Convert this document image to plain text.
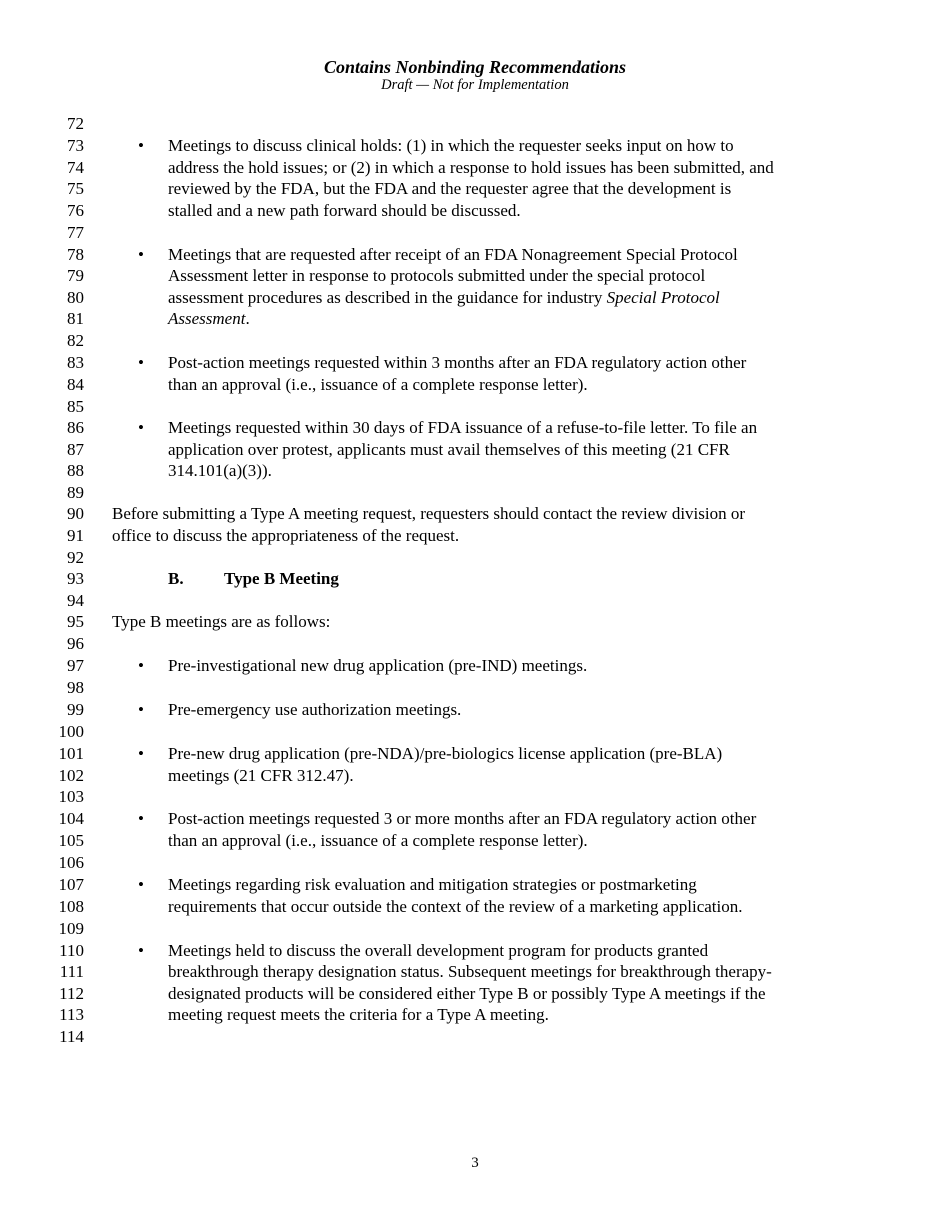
Contains Nonbinding Recommendations
Draft — Not for Implementation
72
73
74
75
76
77
78
79
80
81
82
83
84
85
86
87
88
89
90
91
92
93
94
95
96
97
98
99
100
101
102
103
104
105
106
107
108
109
110
111
112
113
114
• Meetings to discuss clinical holds: (1) in which the requester seeks input on how to
address the hold issues; or (2) in which a response to hold issues has been submitted, and
reviewed by the FDA, but the FDA and the requester agree that the development is
stalled and a new path forward should be discussed.
• Meetings that are requested after receipt of an FDA Nonagreement Special Protocol
Assessment letter in response to protocols submitted under the special protocol
assessment procedures as described in the guidance for industry Special Protocol
Assessment.
• Post-action meetings requested within 3 months after an FDA regulatory action other
than an approval (i.e., issuance of a complete response letter).
• Meetings requested within 30 days of FDA issuance of a refuse-to-file letter. To file an
application over protest, applicants must avail themselves of this meeting (21 CFR
314.101(a)(3)).
Before submitting a Type A meeting request, requesters should contact the review division or
office to discuss the appropriateness of the request.
B. Type B Meeting
Type B meetings are as follows:
• Pre-investigational new drug application (pre-IND) meetings.
• Pre-emergency use authorization meetings.
• Pre-new drug application (pre-NDA)/pre-biologics license application (pre-BLA)
meetings (21 CFR 312.47).
• Post-action meetings requested 3 or more months after an FDA regulatory action other
than an approval (i.e., issuance of a complete response letter).
• Meetings regarding risk evaluation and mitigation strategies or postmarketing
requirements that occur outside the context of the review of a marketing application.
• Meetings held to discuss the overall development program for products granted
breakthrough therapy designation status. Subsequent meetings for breakthrough therapy-
designated products will be considered either Type B or possibly Type A meetings if the
meeting request meets the criteria for a Type A meeting.
3
